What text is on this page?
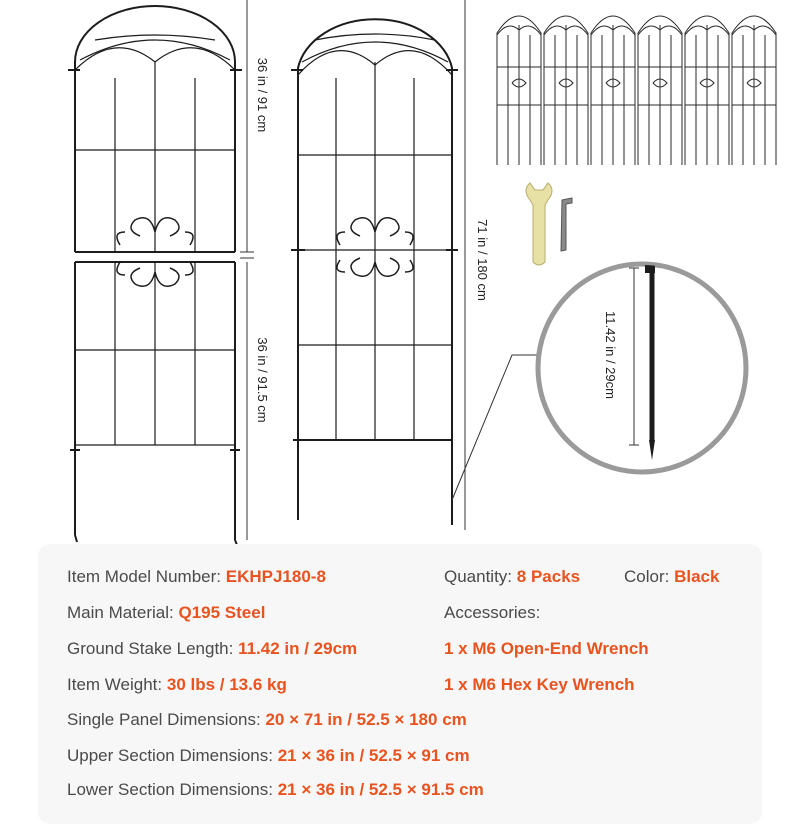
36 in / 91 cm
36 in / 91.5 cm
71 in / 180 cm
11.42 in / 29cm
Item Model Number: EKHPJ180-8	Quantity: 8 Packs	Color: Black
Main Material: Q195 Steel	Accessories:
Ground Stake Length: 11.42 in / 29cm	1 x M6 Open-End Wrench
Item Weight: 30 lbs / 13.6 kg	1 x M6 Hex Key Wrench
Single Panel Dimensions: 20 × 71 in / 52.5 × 180 cm
Upper Section Dimensions: 21 × 36 in / 52.5 × 91 cm
Lower Section Dimensions: 21 × 36 in / 52.5 × 91.5 cm
